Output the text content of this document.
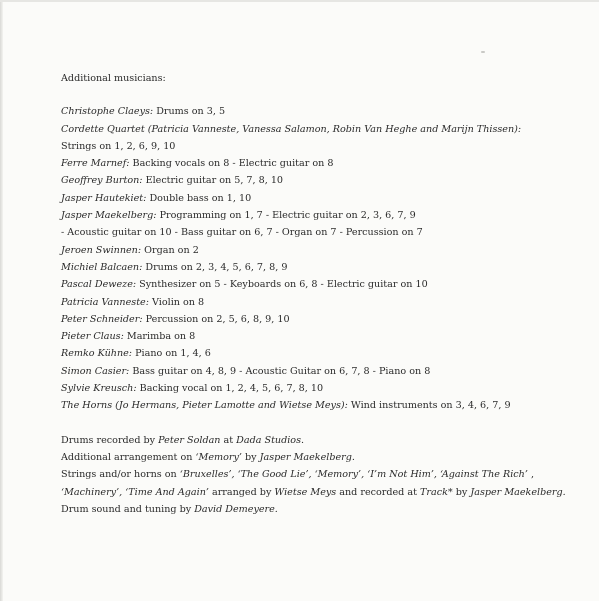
Additional musicians:
Christophe Claeys: Drums on 3, 5
Cordette Quartet (Patricia Vanneste, Vanessa Salamon, Robin Van Heghe and Marijn Thissen):
Strings on 1, 2, 6, 9, 10
Ferre Marnef: Backing vocals on 8 - Electric guitar on 8
Geoffrey Burton: Electric guitar on 5, 7, 8, 10
Jasper Hautekiet: Double bass on 1, 10
Jasper Maekelberg: Programming on 1, 7 - Electric guitar on 2, 3, 6, 7, 9
- Acoustic guitar on 10 - Bass guitar on 6, 7 - Organ on 7 - Percussion on 7
Jeroen Swinnen: Organ on 2
Michiel Balcaen: Drums on 2, 3, 4, 5, 6, 7, 8, 9
Pascal Deweze: Synthesizer on 5 - Keyboards on 6, 8 - Electric guitar on 10
Patricia Vanneste: Violin on 8
Peter Schneider: Percussion on 2, 5, 6, 8, 9, 10
Pieter Claus: Marimba on 8
Remko Kühne: Piano on 1, 4, 6
Simon Casier: Bass guitar on 4, 8, 9 - Acoustic Guitar on 6, 7, 8 - Piano on 8
Sylvie Kreusch: Backing vocal on 1, 2, 4, 5, 6, 7, 8, 10
The Horns (Jo Hermans, Pieter Lamotte and Wietse Meys): Wind instruments on 3, 4, 6, 7, 9
Drums recorded by Peter Soldan at Dada Studios.
Additional arrangement on ‘Memory’ by Jasper Maekelberg.
Strings and/or horns on ‘Bruxelles’, ‘The Good Lie’, ‘Memory’, ‘I’m Not Him’, ‘Against The Rich’ ,
‘Machinery’, ‘Time And Again’ arranged by Wietse Meys and recorded at Track* by Jasper Maekelberg.
Drum sound and tuning by David Demeyere.
